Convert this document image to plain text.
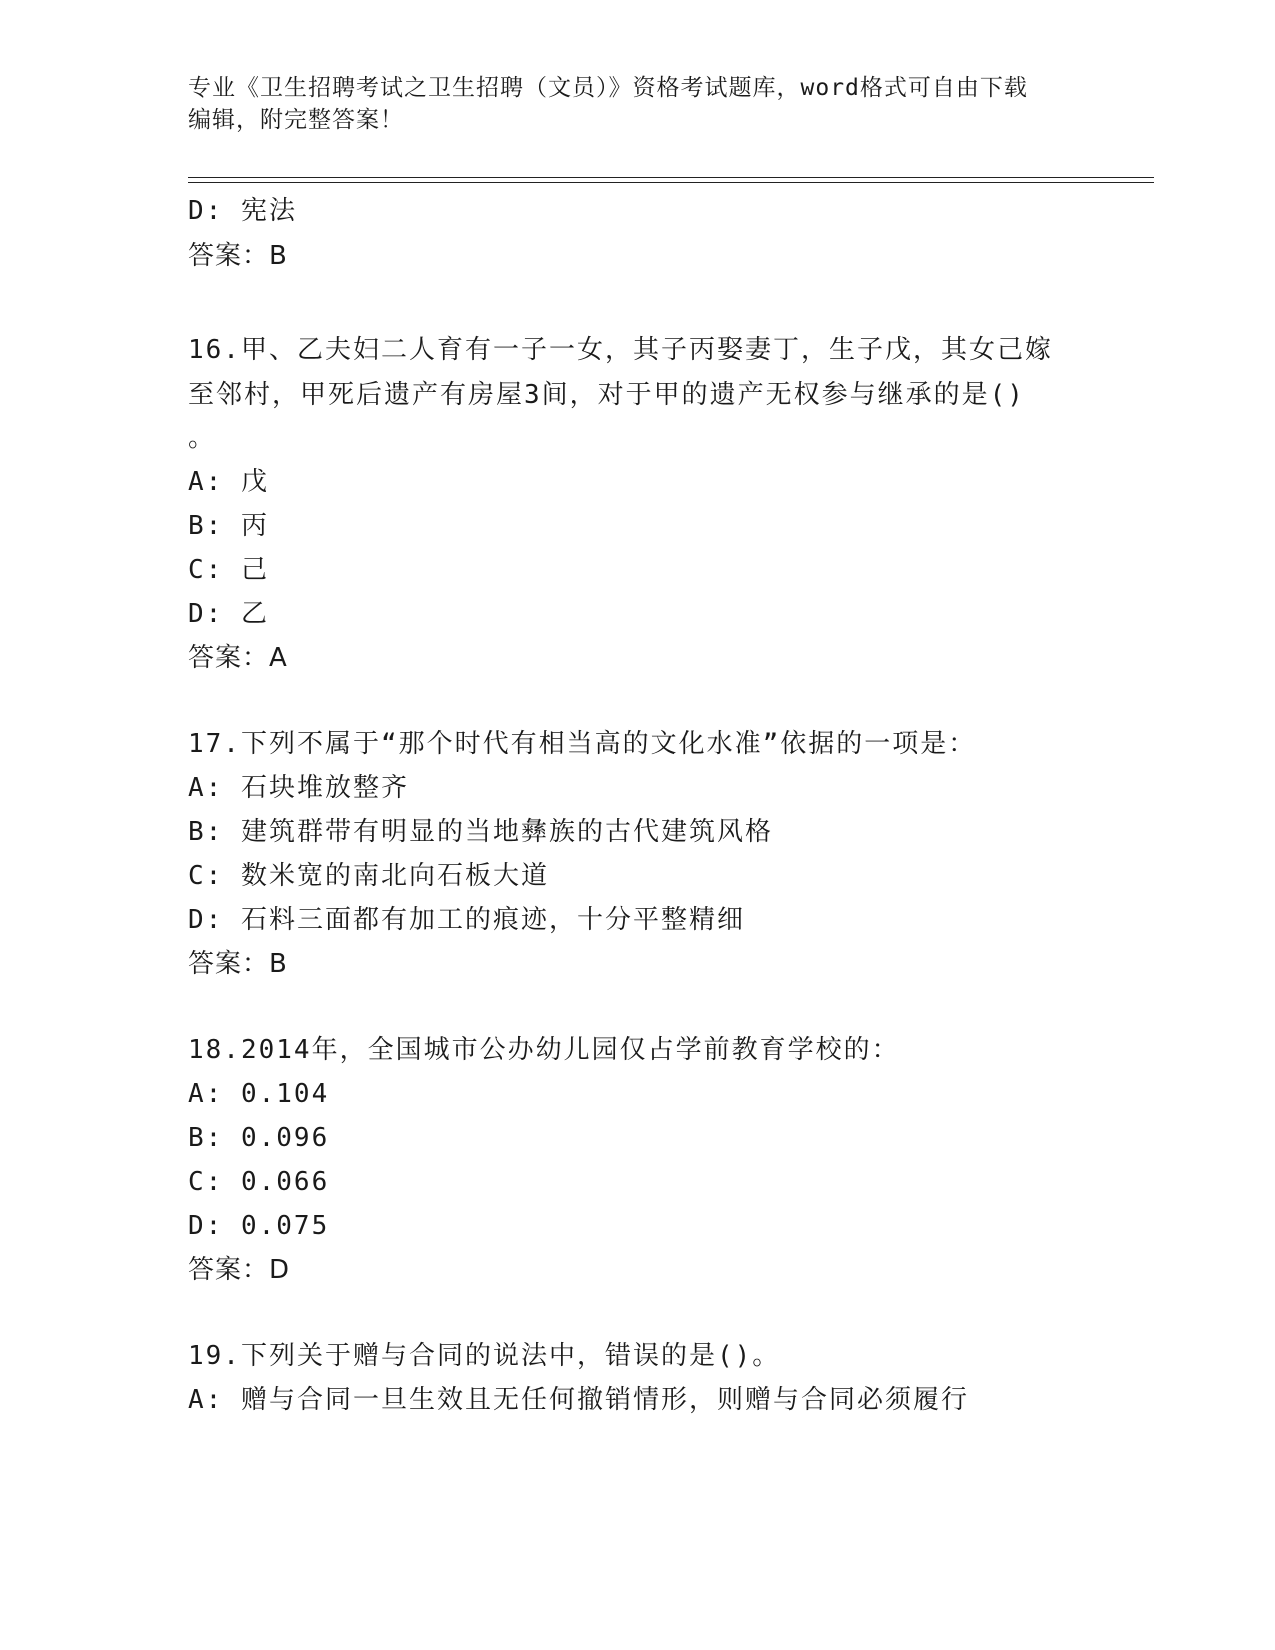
专业《卫生招聘考试之卫生招聘（文员）》资格考试题库，word格式可自由下载
编辑，附完整答案！
D: 宪法
答案：B
16.甲、乙夫妇二人育有一子一女，其子丙娶妻丁，生子戊，其女己嫁
至邻村，甲死后遗产有房屋3间，对于甲的遗产无权参与继承的是()
。
A: 戊
B: 丙
C: 己
D: 乙
答案：A
17.下列不属于“那个时代有相当高的文化水准”依据的一项是：
A: 石块堆放整齐
B: 建筑群带有明显的当地彝族的古代建筑风格
C: 数米宽的南北向石板大道
D: 石料三面都有加工的痕迹，十分平整精细
答案：B
18.2014年，全国城市公办幼儿园仅占学前教育学校的：
A: 0.104
B: 0.096
C: 0.066
D: 0.075
答案：D
19.下列关于赠与合同的说法中，错误的是()。
A: 赠与合同一旦生效且无任何撤销情形，则赠与合同必须履行
